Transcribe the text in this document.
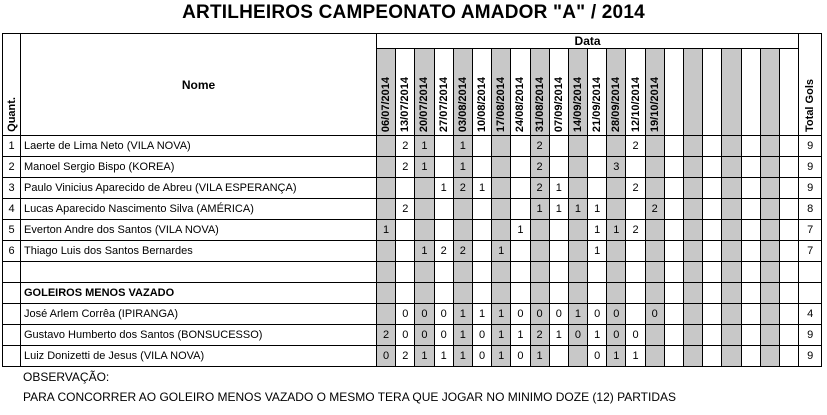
ARTILHEIROS CAMPEONATO AMADOR "A" / 2014
Quant.	Nome	Data																						Total Gols

		06/07/2014	13/07/2014	20/07/2014	27/07/2014	03/08/2014	10/08/2014	17/08/2014	24/08/2014	31/08/2014	07/09/2014	14/09/2014	21/09/2014	28/09/2014	12/10/2014	19/10/2014								

1	Laerte de Lima Neto (VILA NOVA)		2	1		1				2					2									9
2	Manoel Sergio Bispo (KOREA)		2	1		1				2				3										9
3	Paulo Vinicius Aparecido de Abreu (VILA ESPERANÇA)				1	2	1			2	1				2									9
4	Lucas Aparecido Nascimento Silva (AMÉRICA)		2							1	1	1	1			2								8
5	Everton Andre dos Santos (VILA NOVA)	1							1				1	1	2									7
6	Thiago Luis dos Santos Bernardes			1	2	2		1					1											7

	GOLEIROS MENOS VAZADO																							
	José Arlem Corrêa (IPIRANGA)		0	0	0	1	1	1	0	0	0	1	0	0		0								4
	Gustavo Humberto dos Santos (BONSUCESSO)	2	0	0	0	1	0	1	1	2	1	0	1	0	0									9
	Luiz Donizetti de Jesus (VILA NOVA)	0	2	1	1	1	0	1	0	1			0	1	1									9
OBSERVAÇÃO:
PARA CONCORRER AO GOLEIRO MENOS VAZADO O MESMO TERA QUE JOGAR NO MINIMO DOZE (12) PARTIDAS
